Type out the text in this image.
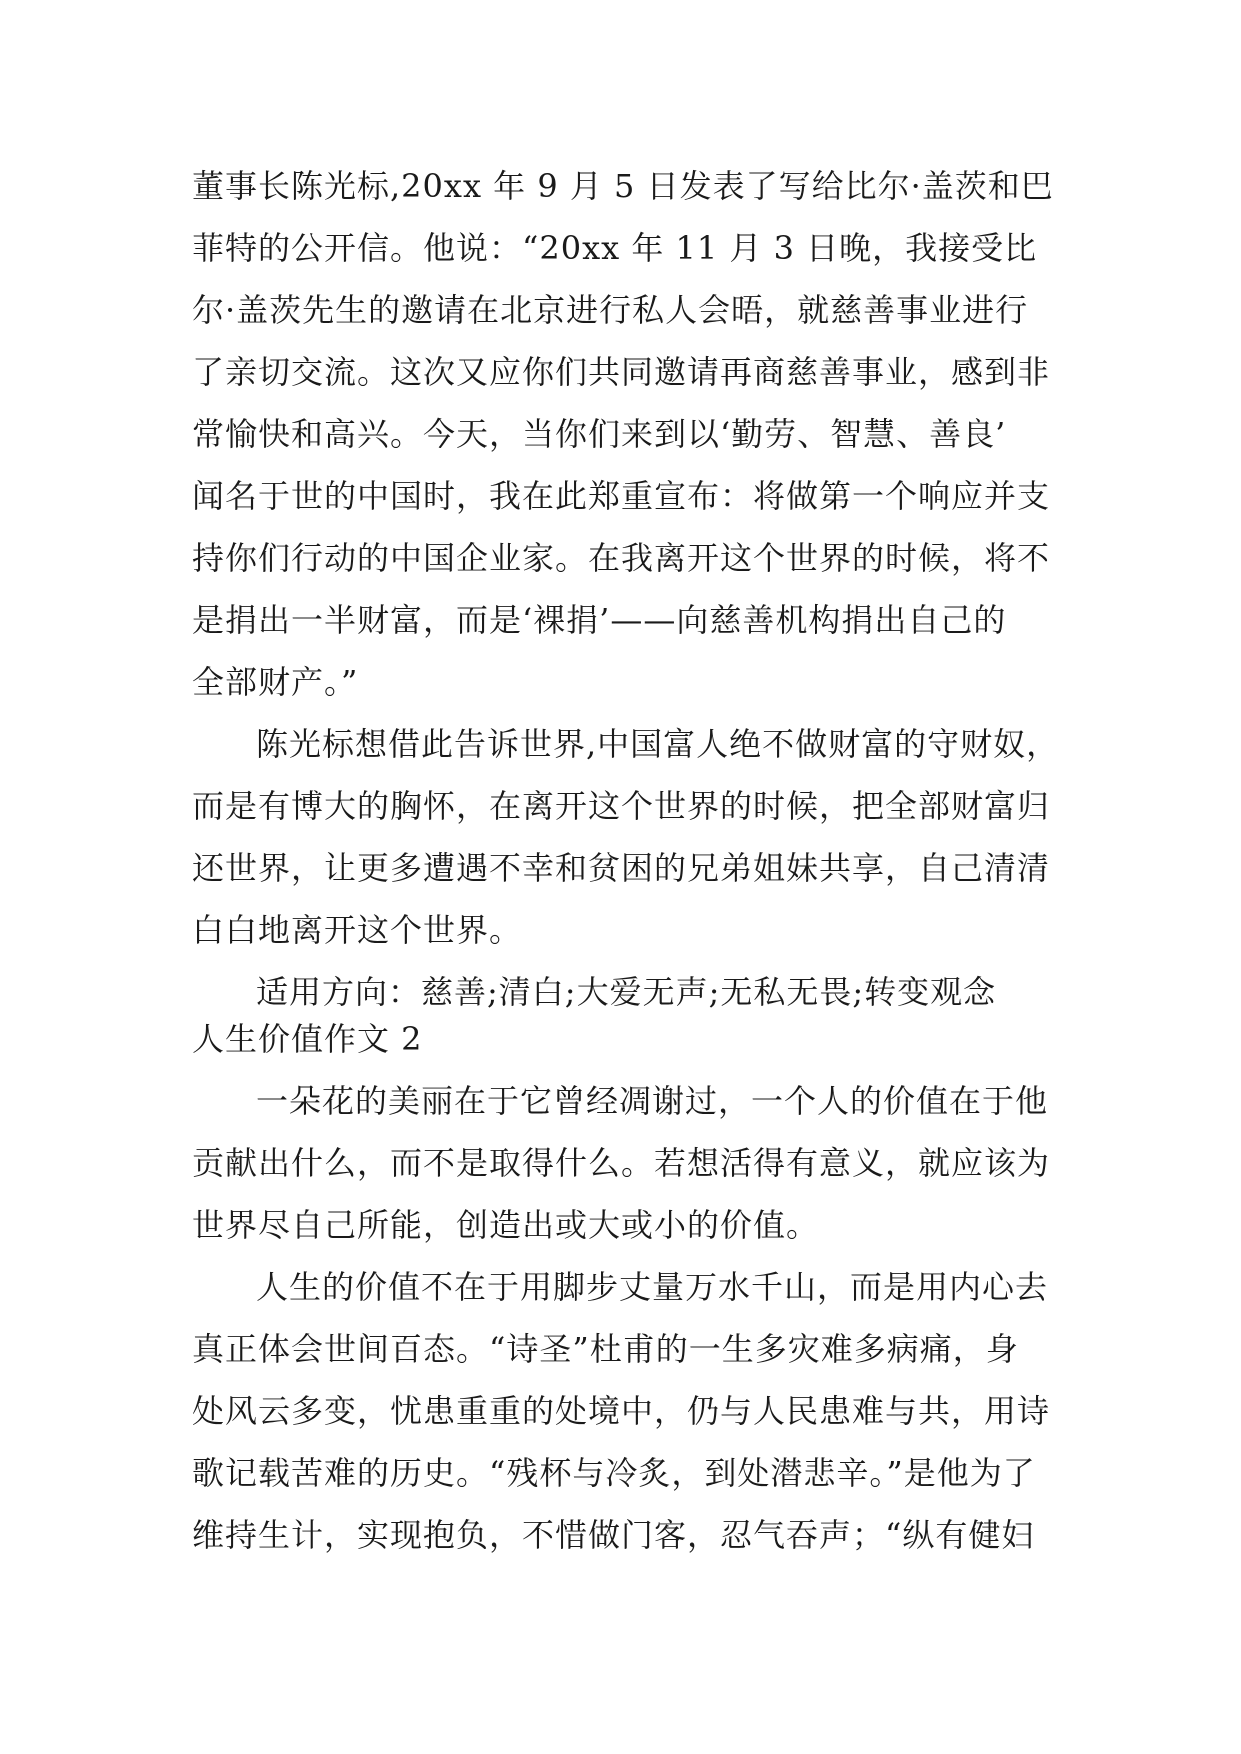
董事长陈光标,20xx 年 9 月 5 日发表了写给比尔·盖茨和巴
菲特的公开信。他说：“20xx 年 11 月 3 日晚，我接受比
尔·盖茨先生的邀请在北京进行私人会晤，就慈善事业进行
了亲切交流。这次又应你们共同邀请再商慈善事业，感到非
常愉快和高兴。今天，当你们来到以‘勤劳、智慧、善良’
闻名于世的中国时，我在此郑重宣布：将做第一个响应并支
持你们行动的中国企业家。在我离开这个世界的时候，将不
是捐出一半财富，而是‘裸捐’——向慈善机构捐出自己的
全部财产。”
陈光标想借此告诉世界,中国富人绝不做财富的守财奴，
而是有博大的胸怀，在离开这个世界的时候，把全部财富归
还世界，让更多遭遇不幸和贫困的兄弟姐妹共享，自己清清
白白地离开这个世界。
适用方向：慈善;清白;大爱无声;无私无畏;转变观念
人生价值作文 2
一朵花的美丽在于它曾经凋谢过，一个人的价值在于他
贡献出什么，而不是取得什么。若想活得有意义，就应该为
世界尽自己所能，创造出或大或小的价值。
人生的价值不在于用脚步丈量万水千山，而是用内心去
真正体会世间百态。“诗圣”杜甫的一生多灾难多病痛，身
处风云多变，忧患重重的处境中，仍与人民患难与共，用诗
歌记载苦难的历史。“残杯与冷炙，到处潜悲辛。”是他为了
维持生计，实现抱负，不惜做门客，忍气吞声；“纵有健妇
